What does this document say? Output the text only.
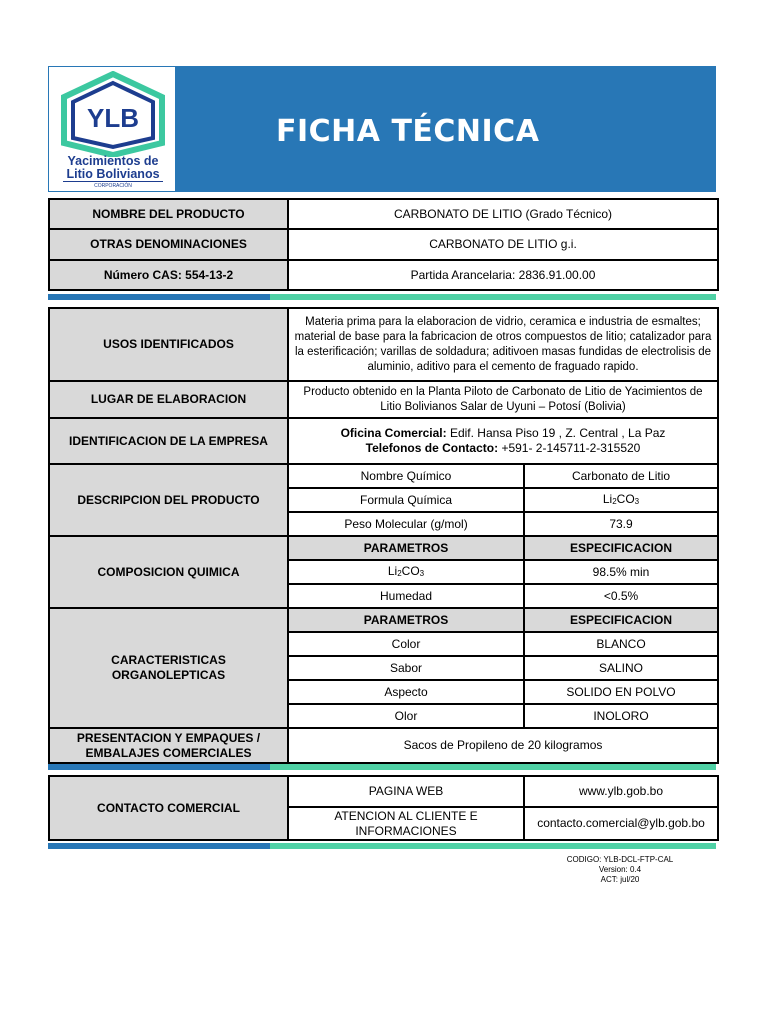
YLB
Yacimientos de
Litio Bolivianos
CORPORACIÓN
FICHA TÉCNICA
NOMBRE DEL PRODUCTO	CARBONATO DE LITIO (Grado Técnico)
OTRAS DENOMINACIONES	CARBONATO DE LITIO g.i.
Número CAS: 554-13-2	Partida Arancelaria: 2836.91.00.00
USOS IDENTIFICADOS	Materia prima para la elaboracion de vidrio, ceramica e industria de esmaltes; material de base para la fabricacion de otros compuestos de litio; catalizador para la esterificación; varillas de soldadura; aditivoen masas fundidas de electrolisis de aluminio, aditivo para el cemento de fraguado rapido.	
LUGAR DE ELABORACION	Producto obtenido en la Planta Piloto de Carbonato de Litio de Yacimientos de Litio Bolivianos Salar de Uyuni – Potosí (Bolivia)	
IDENTIFICACION DE LA EMPRESA	Oficina Comercial: Edif. Hansa Piso 19 , Z. Central , La Paz
Telefonos de Contacto: +591- 2-145711-2-315520	

DESCRIPCION DEL PRODUCTO	Nombre Químico	Carbonato de Litio
	Formula Química	$Li_2CO_3$
	Peso Molecular (g/mol)	73.9
COMPOSICION QUIMICA	PARAMETROS	ESPECIFICACION
	$Li_2CO_3$	98.5% min
	Humedad	<0.5%

CARACTERISTICAS
ORGANOLEPTICAS	PARAMETROS	ESPECIFICACION
	Color	BLANCO
	Sabor	SALINO
	Aspecto	SOLIDO EN POLVO
	Olor	INOLORO

PRESENTACION Y EMPAQUES /
EMBALAJES COMERCIALES	Sacos de Propileno de 20 kilogramos	
CONTACTO COMERCIAL	PAGINA WEB	www.ylb.gob.bo

	ATENCION AL CLIENTE E
INFORMACIONES	contacto.comercial@ylb.gob.bo
CODIGO: YLB-DCL-FTP-CAL
Version: 0.4
ACT: jul/20
